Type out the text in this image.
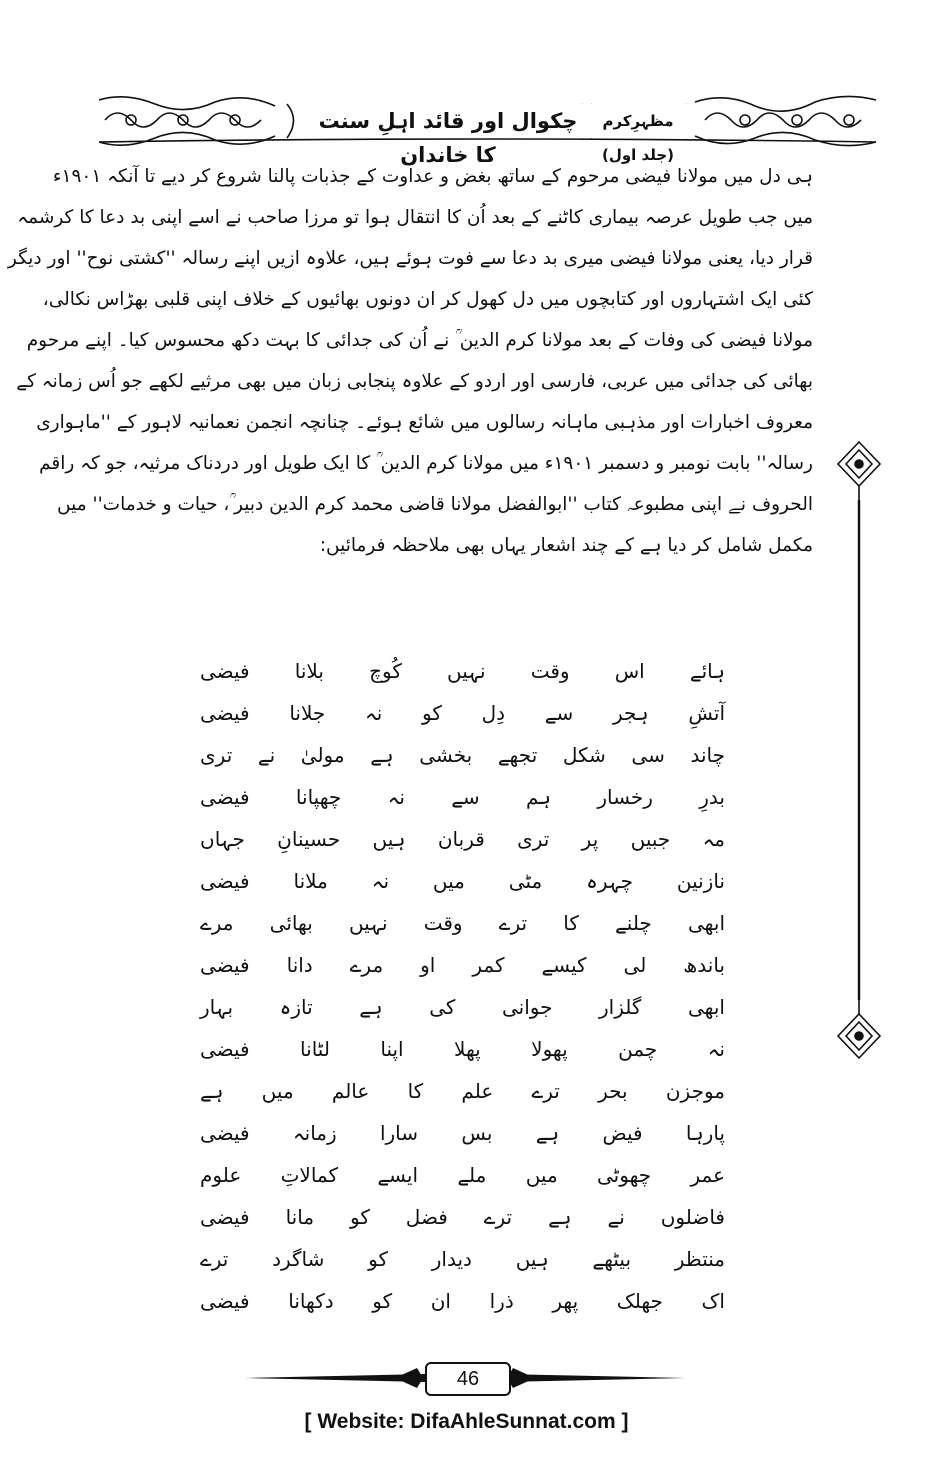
چکوال اور قائد اہلِ سنت کا خاندان
مظہرِکرم (جلد اول)
ہی دل میں مولانا فیضی مرحوم کے ساتھ بغض و عداوت کے جذبات پالنا شروع کر دیے تا آنکہ ۱۹۰۱ء
میں جب طویل عرصہ بیماری کاٹنے کے بعد اُن کا انتقال ہوا تو مرزا صاحب نے اسے اپنی بد دعا کا کرشمہ
قرار دیا، یعنی مولانا فیضی میری بد دعا سے فوت ہوئے ہیں، علاوہ ازیں اپنے رسالہ ''کشتی نوح'' اور دیگر
کئی ایک اشتہاروں اور کتابچوں میں دل کھول کر ان دونوں بھائیوں کے خلاف اپنی قلبی بھڑاس نکالی،
مولانا فیضی کی وفات کے بعد مولانا کرم الدین ؒ نے اُن کی جدائی کا بہت دکھ محسوس کیا۔ اپنے مرحوم
بھائی کی جدائی میں عربی، فارسی اور اردو کے علاوہ پنجابی زبان میں بھی مرثیے لکھے جو اُس زمانہ کے
معروف اخبارات اور مذہبی ماہانہ رسالوں میں شائع ہوئے۔ چنانچہ انجمن نعمانیہ لاہور کے ''ماہواری
رسالہ'' بابت نومبر و دسمبر ۱۹۰۱ء میں مولانا کرم الدین ؒ کا ایک طویل اور دردناک مرثیہ، جو کہ راقم
الحروف نے اپنی مطبوعہ کتاب ''ابوالفضل مولانا قاضی محمد کرم الدین دبیر ؒ، حیات و خدمات'' میں
مکمل شامل کر دیا ہے کے چند اشعار یہاں بھی ملاحظہ فرمائیں:
ہائے اس وقت نہیں کُوچ بلانا فیضی
آتشِ ہجر سے دِل کو نہ جلانا فیضی
چاند سی شکل تجھے بخشی ہے مولیٰ نے تری
بدرِ رخسار ہم سے نہ چھپانا فیضی
مہ جبیں پر تری قربان ہیں حسینانِ جہاں
نازنین چہرہ مٹی میں نہ ملانا فیضی
ابھی چلنے کا ترے وقت نہیں بھائی مرے
باندھ لی کیسے کمر او مرے دانا فیضی
ابھی گلزار جوانی کی ہے تازہ بہار
نہ چمن پھولا پھلا اپنا لٹانا فیضی
موجزن بحر ترے علم کا عالم میں ہے
پارہا فیض ہے بس سارا زمانہ فیضی
عمر چھوٹی میں ملے ایسے کمالاتِ علوم
فاضلوں نے ہے ترے فضل کو مانا فیضی
منتظر بیٹھے ہیں دیدار کو شاگرد ترے
اک جھلک پھر ذرا ان کو دکھانا فیضی
46
[ Website: DifaAhleSunnat.com ]
